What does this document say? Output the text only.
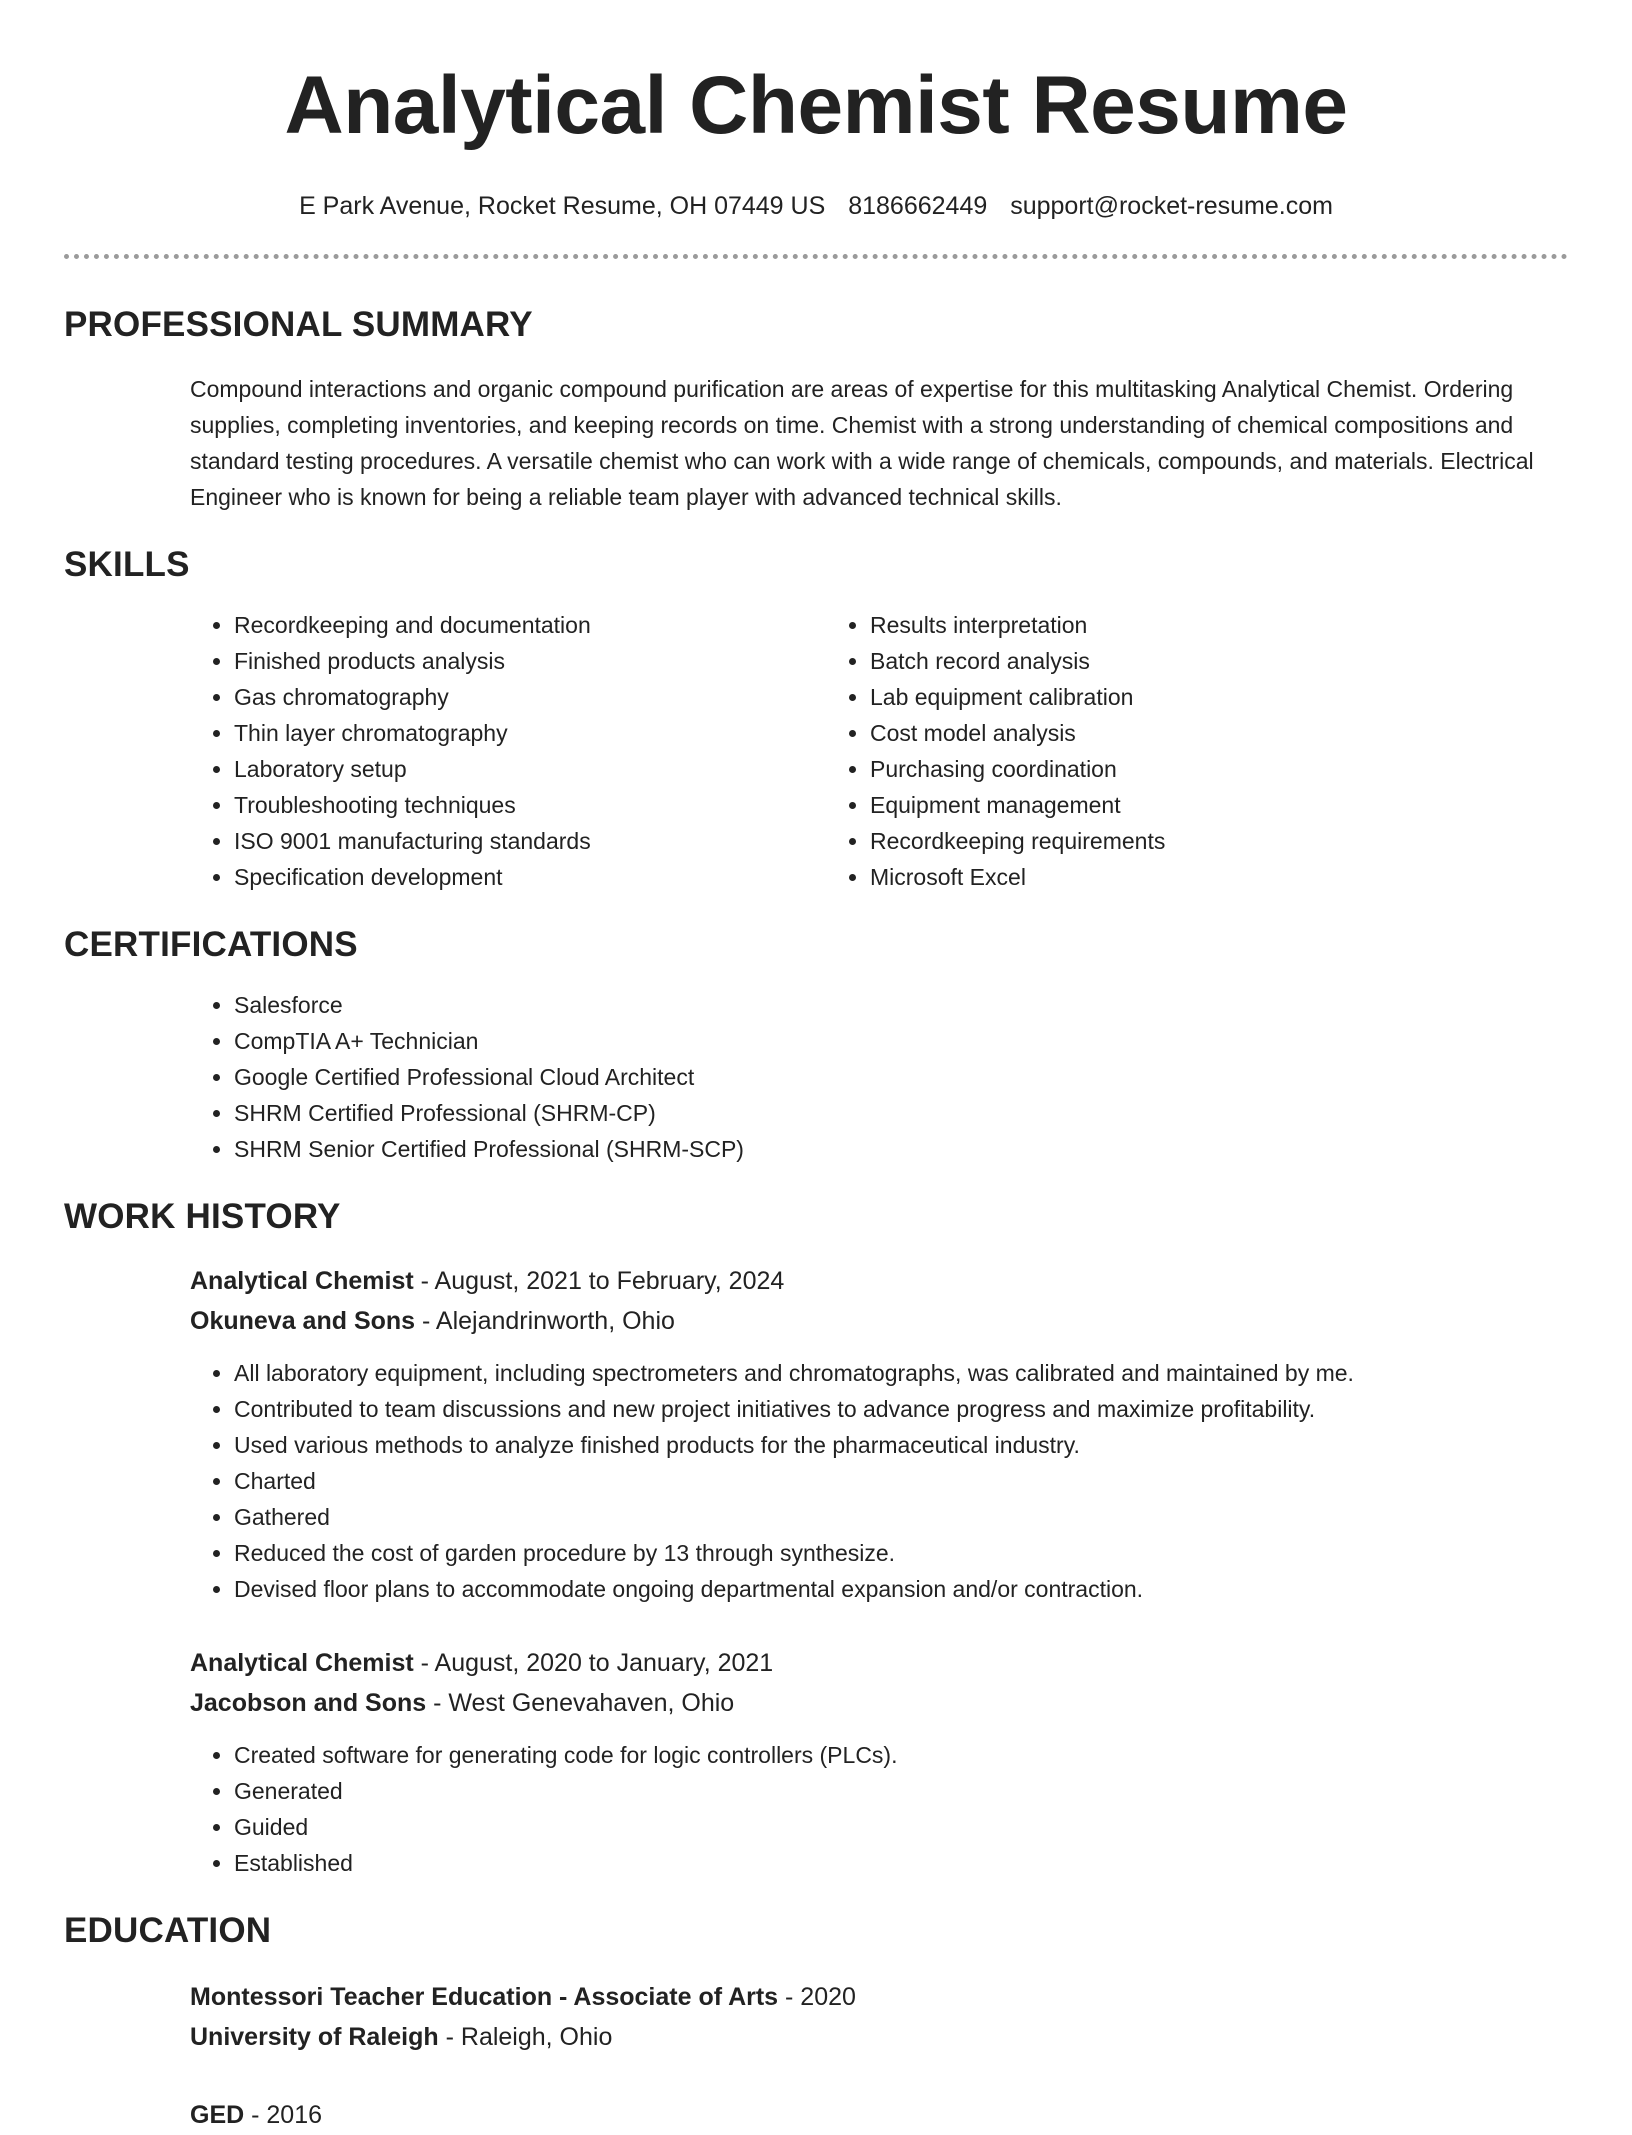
Analytical Chemist Resume
E Park Avenue, Rocket Resume, OH 07449 US 8186662449 support@rocket-resume.com
PROFESSIONAL SUMMARY

Compound interactions and organic compound purification are areas of expertise for this multitasking Analytical Chemist. Ordering supplies, completing inventories, and keeping records on time. Chemist with a strong understanding of chemical compositions and standard testing procedures. A versatile chemist who can work with a wide range of chemicals, compounds, and materials. Electrical Engineer who is known for being a reliable team player with advanced technical skills.

SKILLS
• Recordkeeping and documentation
• Finished products analysis
• Gas chromatography
• Thin layer chromatography
• Laboratory setup
• Troubleshooting techniques
• ISO 9001 manufacturing standards
• Specification development
• Results interpretation
• Batch record analysis
• Lab equipment calibration
• Cost model analysis
• Purchasing coordination
• Equipment management
• Recordkeeping requirements
• Microsoft Excel
CERTIFICATIONS
• Salesforce
• CompTIA A+ Technician
• Google Certified Professional Cloud Architect
• SHRM Certified Professional (SHRM-CP)
• SHRM Senior Certified Professional (SHRM-SCP)
WORK HISTORY
Analytical Chemist - August, 2021 to February, 2024
Okuneva and Sons - Alejandrinworth, Ohio
• All laboratory equipment, including spectrometers and chromatographs, was calibrated and maintained by me.
• Contributed to team discussions and new project initiatives to advance progress and maximize profitability.
• Used various methods to analyze finished products for the pharmaceutical industry.
• Charted
• Gathered
• Reduced the cost of garden procedure by 13 through synthesize.
• Devised floor plans to accommodate ongoing departmental expansion and/or contraction.
Analytical Chemist - August, 2020 to January, 2021
Jacobson and Sons - West Genevahaven, Ohio
• Created software for generating code for logic controllers (PLCs).
• Generated
• Guided
• Established
EDUCATION
Montessori Teacher Education - Associate of Arts - 2020
University of Raleigh - Raleigh, Ohio
GED - 2016
